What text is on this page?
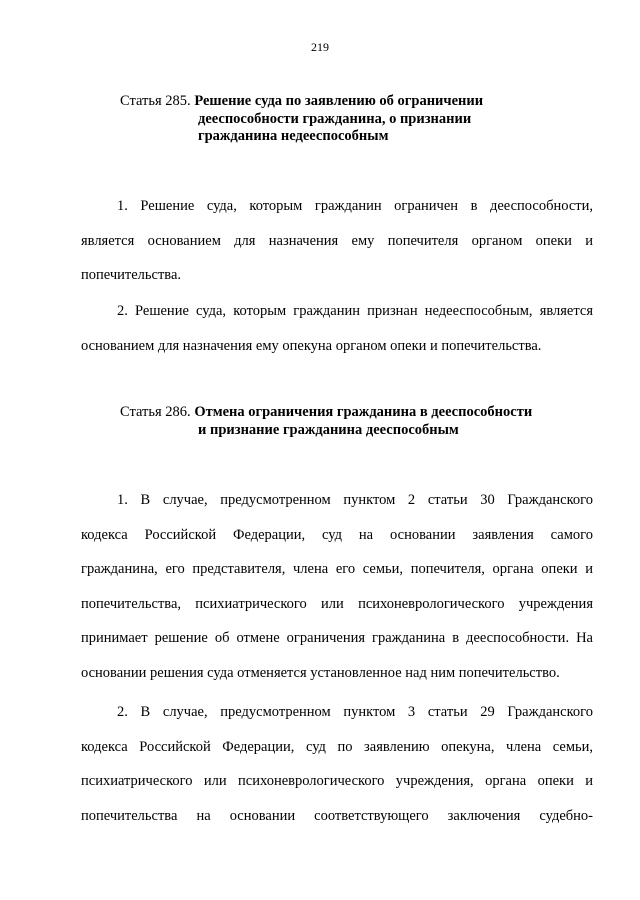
219
Статья 285. Решение суда по заявлению об ограничении
дееспособности гражданина, о признании
гражданина недееспособным
1. Решение суда, которым гражданин ограничен в дееспособности,
является основанием для назначения ему попечителя органом опеки и
попечительства.
2. Решение суда, которым гражданин признан недееспособным, является
основанием для назначения ему опекуна органом опеки и попечительства.
Статья 286. Отмена ограничения гражданина в дееспособности
и признание гражданина дееспособным
1. В случае, предусмотренном пунктом 2 статьи 30 Гражданского
кодекса Российской Федерации, суд на основании заявления самого
гражданина, его представителя, члена его семьи, попечителя, органа опеки и
попечительства, психиатрического или психоневрологического учреждения
принимает решение об отмене ограничения гражданина в дееспособности. На
основании решения суда отменяется установленное над ним попечительство.
2. В случае, предусмотренном пунктом 3 статьи 29 Гражданского
кодекса Российской Федерации, суд по заявлению опекуна, члена семьи,
психиатрического или психоневрологического учреждения, органа опеки и
попечительства на основании соответствующего заключения судебно-
